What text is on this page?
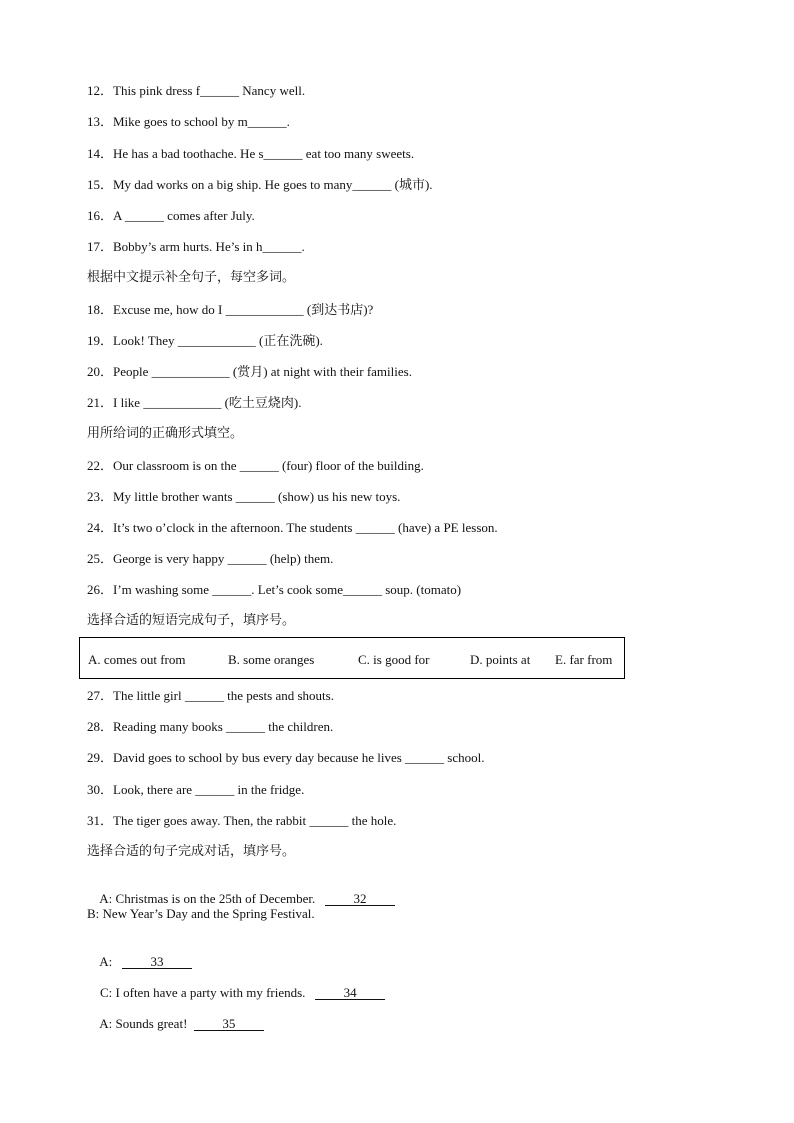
12．This pink dress f______ Nancy well.
13．Mike goes to school by m______.
14．He has a bad toothache. He s______ eat too many sweets.
15．My dad works on a big ship. He goes to many______ (城市).
16．A ______ comes after July.
17．Bobby’s arm hurts. He’s in h______.
根据中文提示补全句子，每空多词。
18．Excuse me, how do I ____________ (到达书店)?
19．Look! They ____________ (正在洗碗).
20．People ____________ (赏月) at night with their families.
21．I like ____________ (吃土豆烧肉).
用所给词的正确形式填空。
22．Our classroom is on the ______ (four) floor of the building.
23．My little brother wants ______ (show) us his new toys.
24．It’s two o’clock in the afternoon. The students ______ (have) a PE lesson.
25．George is very happy ______ (help) them.
26．I’m washing some ______. Let’s cook some______ soup. (tomato)
选择合适的短语完成句子，填序号。
A. comes out from	B. some oranges	C. is good for	D. points at E. far from
27．The little girl ______ the pests and shouts.
28．Reading many books ______ the children.
29．David goes to school by bus every day because he lives ______ school.
30．Look, there are ______ in the fridge.
31．The tiger goes away. Then, the rabbit ______ the hole.
选择合适的句子完成对话，填序号。

A: Christmas is on the 25th of December.	32

B: New Year’s Day and the Spring Festival.

A:	33

C: I often have a party with my friends.	34

A: Sounds great!	35
